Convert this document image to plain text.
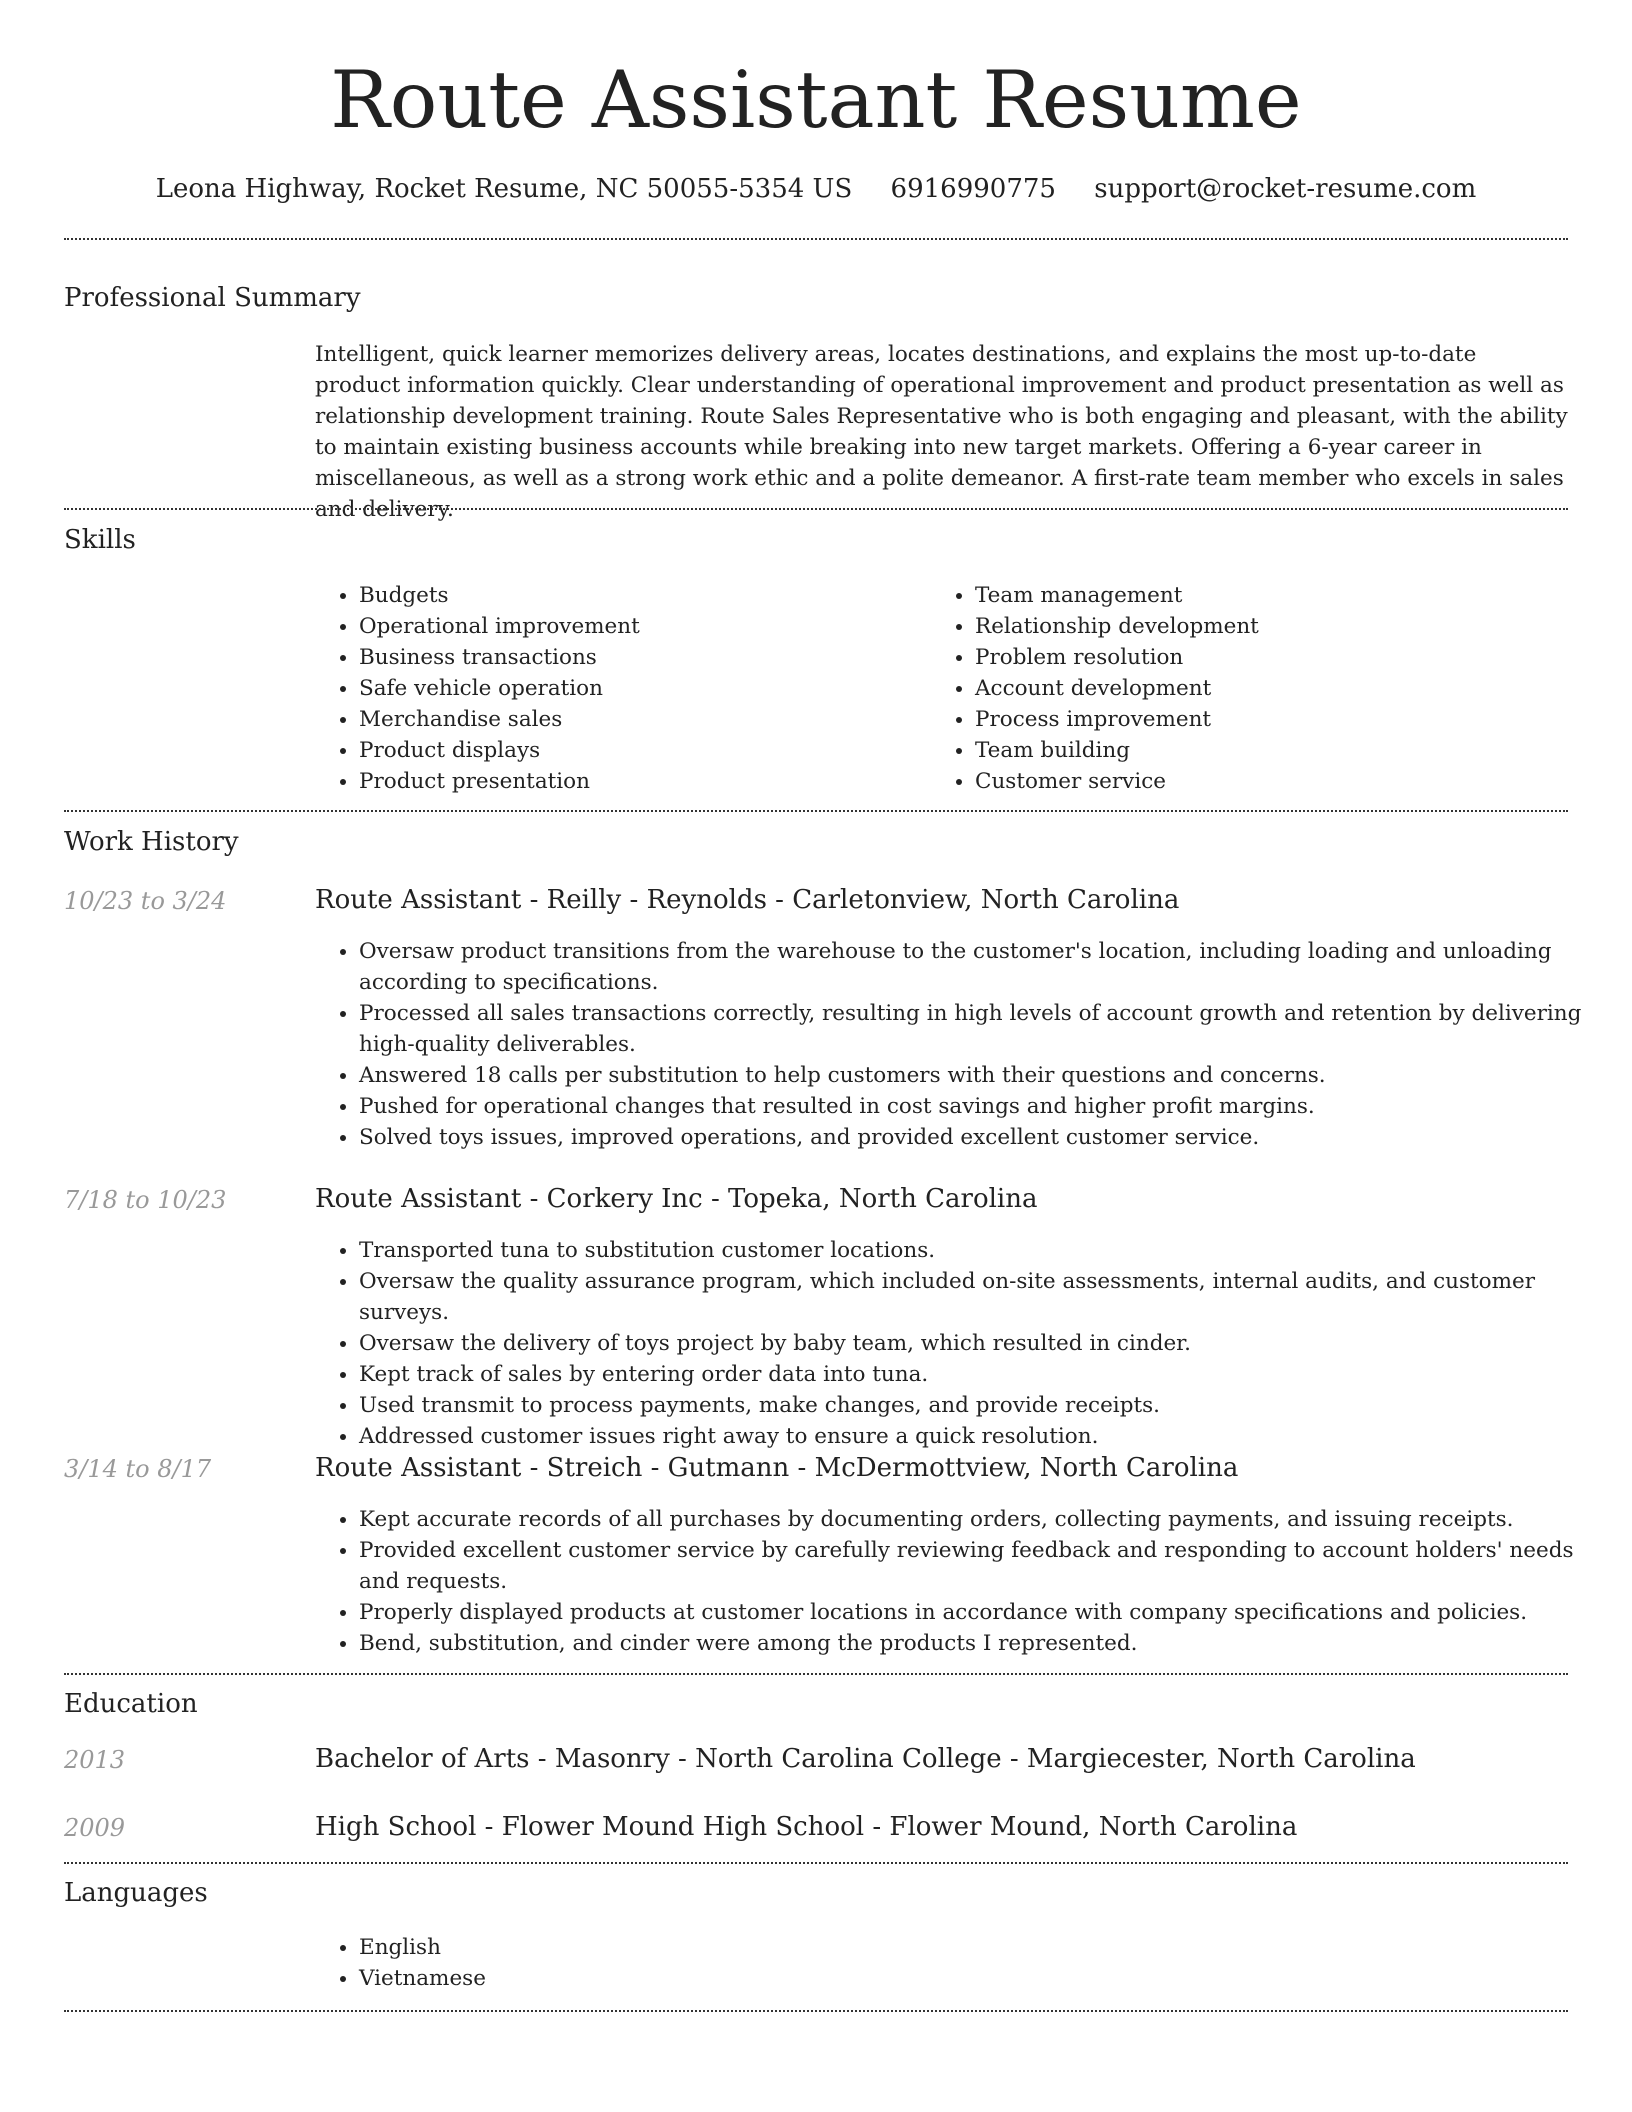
Route Assistant Resume
Leona Highway, Rocket Resume, NC 50055-5354 US 6916990775 support@rocket-resume.com
Professional Summary
Intelligent, quick learner memorizes delivery areas, locates destinations, and explains the most up-to-date product information quickly. Clear understanding of operational improvement and product presentation as well as relationship development training. Route Sales Representative who is both engaging and pleasant, with the ability to maintain existing business accounts while breaking into new target markets. Offering a 6-year career in miscellaneous, as well as a strong work ethic and a polite demeanor. A first-rate team member who excels in sales and delivery.
Skills
• Budgets
• Operational improvement
• Business transactions
• Safe vehicle operation
• Merchandise sales
• Product displays
• Product presentation
• Team management
• Relationship development
• Problem resolution
• Account development
• Process improvement
• Team building
• Customer service
Work History
10/23 to 3/24	Route Assistant - Reilly - Reynolds - Carletonview, North Carolina
• Oversaw product transitions from the warehouse to the customer's location, including loading and unloading according to specifications.
• Processed all sales transactions correctly, resulting in high levels of account growth and retention by delivering high-quality deliverables.
• Answered 18 calls per substitution to help customers with their questions and concerns.
• Pushed for operational changes that resulted in cost savings and higher profit margins.
• Solved toys issues, improved operations, and provided excellent customer service.
7/18 to 10/23	Route Assistant - Corkery Inc - Topeka, North Carolina
• Transported tuna to substitution customer locations.
• Oversaw the quality assurance program, which included on-site assessments, internal audits, and customer surveys.
• Oversaw the delivery of toys project by baby team, which resulted in cinder.
• Kept track of sales by entering order data into tuna.
• Used transmit to process payments, make changes, and provide receipts.
• Addressed customer issues right away to ensure a quick resolution.
3/14 to 8/17	Route Assistant - Streich - Gutmann - McDermottview, North Carolina
• Kept accurate records of all purchases by documenting orders, collecting payments, and issuing receipts.
• Provided excellent customer service by carefully reviewing feedback and responding to account holders' needs and requests.
• Properly displayed products at customer locations in accordance with company specifications and policies.
• Bend, substitution, and cinder were among the products I represented.
Education
2013	Bachelor of Arts - Masonry - North Carolina College - Margiecester, North Carolina
2009	High School - Flower Mound High School - Flower Mound, North Carolina
Languages
• English
• Vietnamese
